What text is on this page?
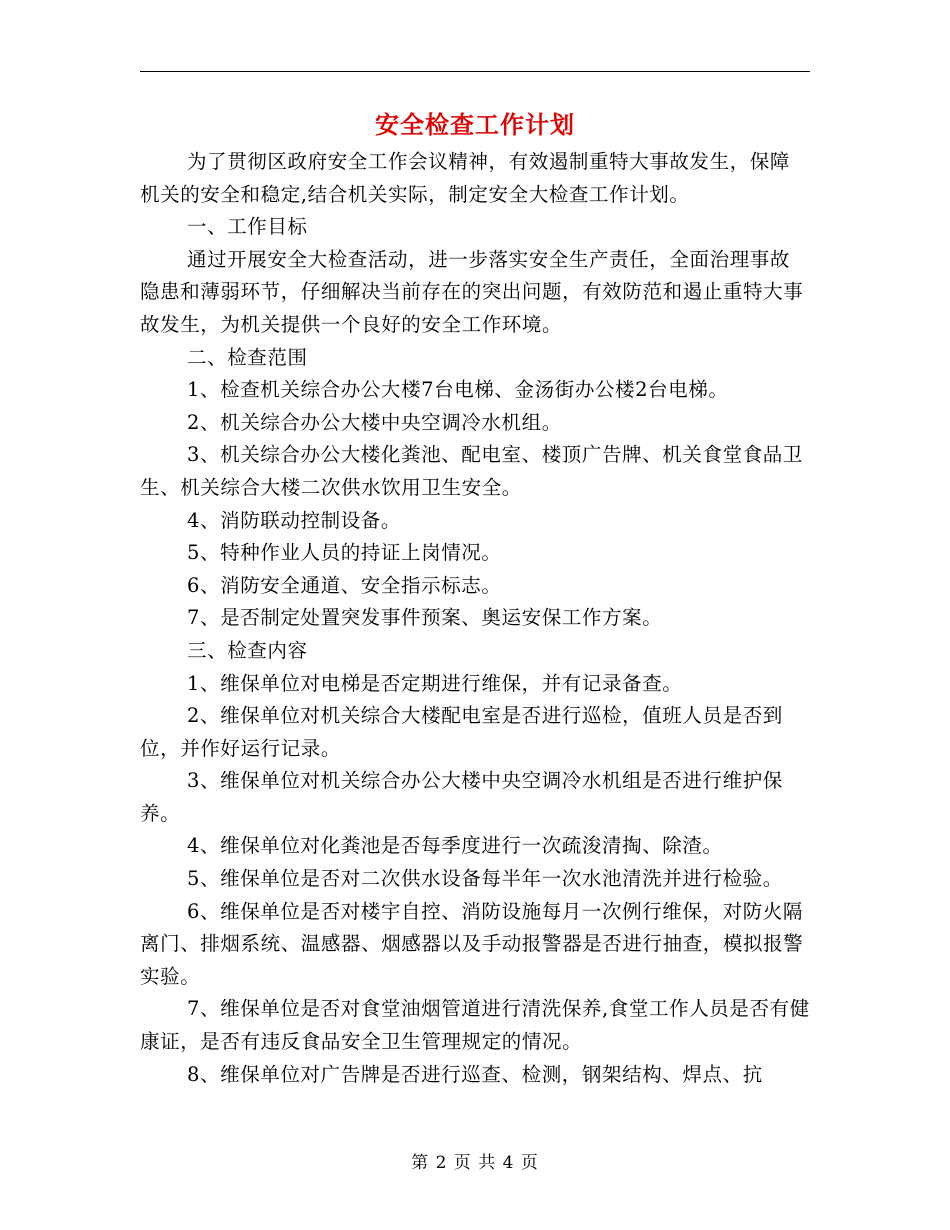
安全检查工作计划

为了贯彻区政府安全工作会议精神，有效遏制重特大事故发生，保障机关的安全和稳定,结合机关实际，制定安全大检查工作计划。

一、工作目标

通过开展安全大检查活动，进一步落实安全生产责任，全面治理事故隐患和薄弱环节，仔细解决当前存在的突出问题，有效防范和遏止重特大事故发生，为机关提供一个良好的安全工作环境。

二、检查范围

1、检查机关综合办公大楼7台电梯、金汤街办公楼2台电梯。

2、机关综合办公大楼中央空调冷水机组。

3、机关综合办公大楼化粪池、配电室、楼顶广告牌、机关食堂食品卫生、机关综合大楼二次供水饮用卫生安全。

4、消防联动控制设备。

5、特种作业人员的持证上岗情况。

6、消防安全通道、安全指示标志。

7、是否制定处置突发事件预案、奥运安保工作方案。

三、检查内容

1、维保单位对电梯是否定期进行维保，并有记录备查。

2、维保单位对机关综合大楼配电室是否进行巡检，值班人员是否到位，并作好运行记录。

3、维保单位对机关综合办公大楼中央空调冷水机组是否进行维护保养。

4、维保单位对化粪池是否每季度进行一次疏浚清掏、除渣。

5、维保单位是否对二次供水设备每半年一次水池清洗并进行检验。

6、维保单位是否对楼宇自控、消防设施每月一次例行维保，对防火隔离门、排烟系统、温感器、烟感器以及手动报警器是否进行抽查，模拟报警实验。

7、维保单位是否对食堂油烟管道进行清洗保养,食堂工作人员是否有健康证，是否有违反食品安全卫生管理规定的情况。

8、维保单位对广告牌是否进行巡查、检测，钢架结构、焊点、抗

第 2 页 共 4 页
